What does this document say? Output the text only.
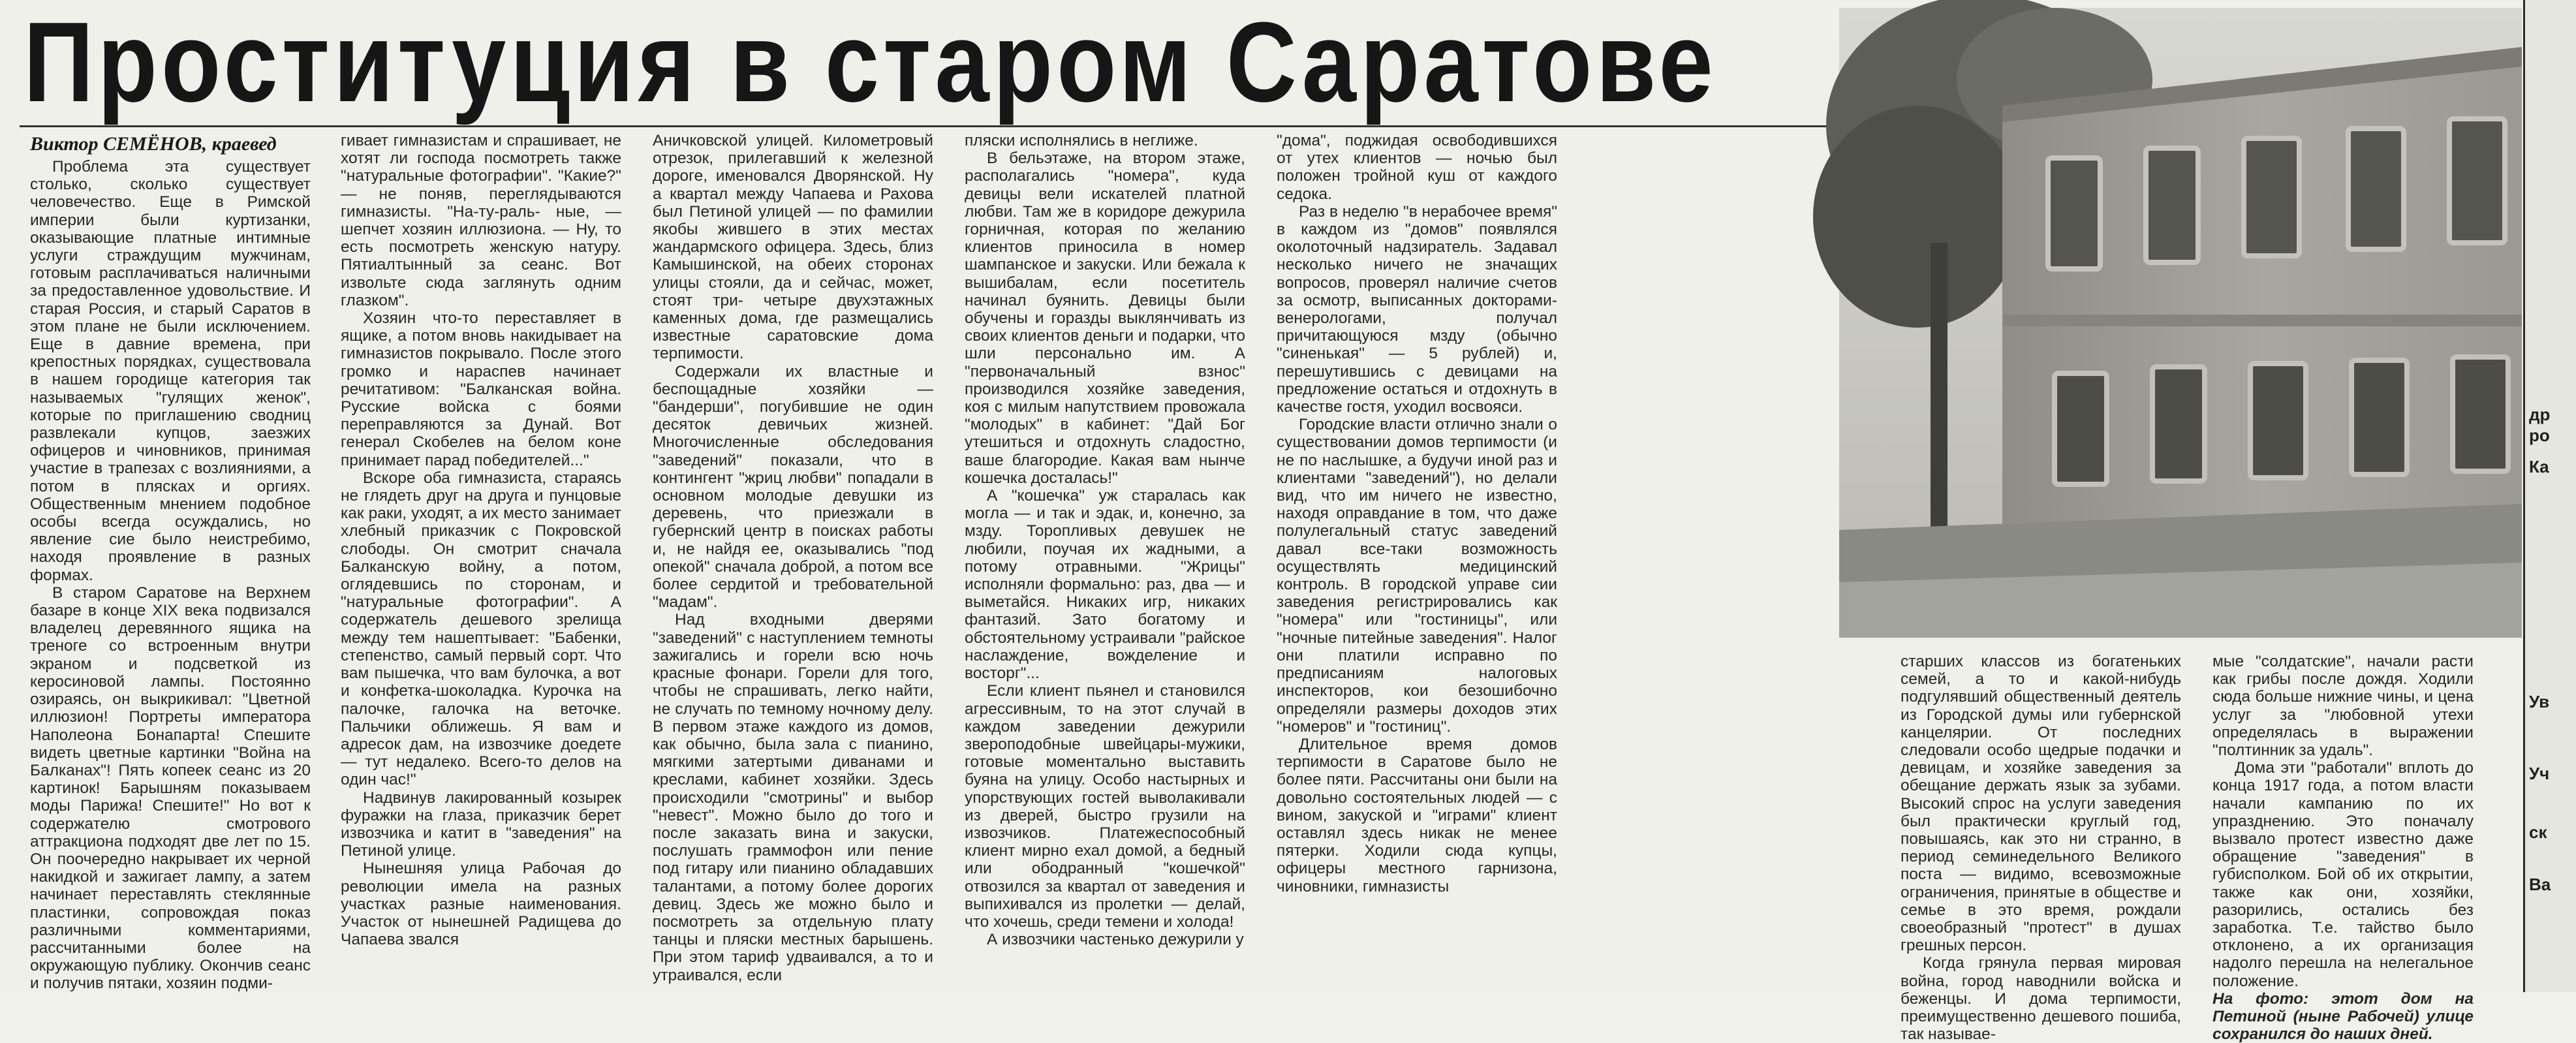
Проституция в старом Саратове
Виктор СЕМЁНОВ, краевед

Проблема эта существует столько, сколько существует человечество. Еще в Римской империи были куртизанки, оказывающие платные интимные услуги страждущим мужчинам, готовым расплачиваться наличными за предоставленное удовольствие. И старая Россия, и старый Саратов в этом плане не были исключением. Еще в давние времена, при крепостных порядках, существовала в нашем городище категория так называемых "гулящих женок", которые по приглашению сводниц развлекали купцов, заезжих офицеров и чиновников, принимая участие в трапезах с возлияниями, а потом в плясках и оргиях. Общественным мнением подобное особы всегда осуждались, но явление сие было неистребимо, находя проявление в разных формах.

В старом Саратове на Верхнем базаре в конце XIX века подвизался владелец деревянного ящика на треноге со встроенным внутри экраном и подсветкой из керосиновой лампы. Постоянно озираясь, он выкрикивал: "Цветной иллюзион! Портреты императора Наполеона Бонапарта! Спешите видеть цветные картинки "Война на Балканах"! Пять копеек сеанс из 20 картинок! Барышням показываем моды Парижа! Спешите!" Но вот к содержателю смотрового аттракциона подходят две лет по 15. Он поочередно накрывает их черной накидкой и зажигает лампу, а затем начинает переставлять стеклянные пластинки, сопровождая показ различными комментариями, рассчитанными более на окружающую публику. Окончив сеанс и получив пятаки, хозяин подми-

гивает гимназистам и спрашивает, не хотят ли господа посмотреть также "натуральные фотографии". "Какие?" — не поняв, переглядываются гимназисты. "На-ту-раль- ные, — шепчет хозяин иллюзиона. — Ну, то есть посмотреть женскую натуру. Пятиалтынный за сеанс. Вот извольте сюда заглянуть одним глазком".

Хозяин что-то переставляет в ящике, а потом вновь накидывает на гимназистов покрывало. После этого громко и нараспев начинает речитативом: "Балканская война. Русские войска с боями переправляются за Дунай. Вот генерал Скобелев на белом коне принимает парад победителей..."

Вскоре оба гимназиста, стараясь не глядеть друг на друга и пунцовые как раки, уходят, а их место занимает хлебный приказчик с Покровской слободы. Он смотрит сначала Балканскую войну, а потом, оглядевшись по сторонам, и "натуральные фотографии". А содержатель дешевого зрелища между тем нашептывает: "Бабенки, степенство, самый первый сорт. Что вам пышечка, что вам булочка, а вот и конфетка-шоколадка. Курочка на палочке, галочка на веточке. Пальчики оближешь. Я вам и адресок дам, на извозчике доедете — тут недалеко. Всего-то делов на один час!"

Надвинув лакированный козырек фуражки на глаза, приказчик берет извозчика и катит в "заведения" на Петиной улице.

Нынешняя улица Рабочая до революции имела на разных участках разные наименования. Участок от нынешней Радищева до Чапаева звался

Аничковской улицей. Километровый отрезок, прилегавший к железной дороге, именовался Дворянской. Ну а квартал между Чапаева и Рахова был Петиной улицей — по фамилии якобы жившего в этих местах жандармского офицера. Здесь, близ Камышинской, на обеих сторонах улицы стояли, да и сейчас, может, стоят три- четыре двухэтажных каменных дома, где размещались известные саратовские дома терпимости.

Содержали их властные и беспощадные хозяйки — "бандерши", погубившие не один десяток девичьих жизней. Многочисленные обследования "заведений" показали, что в контингент "жриц любви" попадали в основном молодые девушки из деревень, что приезжали в губернский центр в поисках работы и, не найдя ее, оказывались "под опекой" сначала доброй, а потом все более сердитой и требовательной "мадам".

Над входными дверями "заведений" с наступлением темноты зажигались и горели всю ночь красные фонари. Горели для того, чтобы не спрашивать, легко найти, не случать по темному ночному делу. В первом этаже каждого из домов, как обычно, была зала с пианино, мягкими затертыми диванами и креслами, кабинет хозяйки. Здесь происходили "смотрины" и выбор "невест". Можно было до того и после заказать вина и закуски, послушать граммофон или пение под гитару или пианино обладавших талантами, а потому более дорогих девиц. Здесь же можно было и посмотреть за отдельную плату танцы и пляски местных барышень. При этом тариф удваивался, а то и утраивался, если

пляски исполнялись в неглиже.

В бельэтаже, на втором этаже, располагались "номера", куда девицы вели искателей платной любви. Там же в коридоре дежурила горничная, которая по желанию клиентов приносила в номер шампанское и закуски. Или бежала к вышибалам, если посетитель начинал буянить. Девицы были обучены и горазды выклянчивать из своих клиентов деньги и подарки, что шли персонально им. А "первоначальный взнос" производился хозяйке заведения, коя с милым напутствием провожала "молодых" в кабинет: "Дай Бог утешиться и отдохнуть сладостно, ваше благородие. Какая вам нынче кошечка досталась!"

А "кошечка" уж старалась как могла — и так и эдак, и, конечно, за мзду. Торопливых девушек не любили, поучая их жадными, а потому отравными. "Жрицы" исполняли формально: раз, два — и выметайся. Никаких игр, никаких фантазий. Зато богатому и обстоятельному устраивали "райское наслаждение, вожделение и восторг"...

Если клиент пьянел и становился агрессивным, то на этот случай в каждом заведении дежурили звероподобные швейцары-мужики, готовые моментально выставить буяна на улицу. Особо настырных и упорствующих гостей выволакивали из дверей, быстро грузили на извозчиков. Платежеспособный клиент мирно ехал домой, а бедный или ободранный "кошечкой" отвозился за квартал от заведения и выпихивался из пролетки — делай, что хочешь, среди темени и холода!

А извозчики частенько дежурили у

"дома", поджидая освободившихся от утех клиентов — ночью был положен тройной куш от каждого седока.

Раз в неделю "в нерабочее время" в каждом из "домов" появлялся околоточный надзиратель. Задавал несколько ничего не значащих вопросов, проверял наличие счетов за осмотр, выписанных докторами-венерологами, получал причитающуюся мзду (обычно "синенькая" — 5 рублей) и, перешутившись с девицами на предложение остаться и отдохнуть в качестве гостя, уходил восвояси.

Городские власти отлично знали о существовании домов терпимости (и не по наслышке, а будучи иной раз и клиентами "заведений"), но делали вид, что им ничего не известно, находя оправдание в том, что даже полулегальный статус заведений давал все-таки возможность осуществлять медицинский контроль. В городской управе сии заведения регистрировались как "номера" или "гостиницы", или "ночные питейные заведения". Налог они платили исправно по предписаниям налоговых инспекторов, кои безошибочно определяли размеры доходов этих "номеров" и "гостиниц".

Длительное время домов терпимости в Саратове было не более пяти. Рассчитаны они были на довольно состоятельных людей — с вином, закуской и "играми" клиент оставлял здесь никак не менее пятерки. Ходили сюда купцы, офицеры местного гарнизона, чиновники, гимназисты

старших классов из богатеньких семей, а то и какой-нибудь подгулявший общественный деятель из Городской думы или губернской канцелярии. От последних следовали особо щедрые подачки и девицам, и хозяйке заведения за обещание держать язык за зубами. Высокий спрос на услуги заведения был практически круглый год, повышаясь, как это ни странно, в период семинедельного Великого поста — видимо, всевозможные ограничения, принятые в обществе и семье в это время, рождали своеобразный "протест" в душах грешных персон.

Когда грянула первая мировая война, город наводнили войска и беженцы. И дома терпимости, преимущественно дешевого пошиба, так называе-

мые "солдатские", начали расти как грибы после дождя. Ходили сюда больше нижние чины, и цена услуг за "любовной утехи определялась в выражении "полтинник за удаль".

Дома эти "работали" вплоть до конца 1917 года, а потом власти начали кампанию по их упразднению. Это поначалу вызвало протест известно даже обращение "заведения" в губисполком. Бой об их открытии, также как они, хозяйки, разорились, остались без заработка. Т.е. тайство было отклонено, а их организация надолго перешла на нелегальное положение.

На фото: этот дом на Петиной (ныне Рабочей) улице сохранился до наших дней.

др
ро
Ка
Ув
Уч
ск
Ва
